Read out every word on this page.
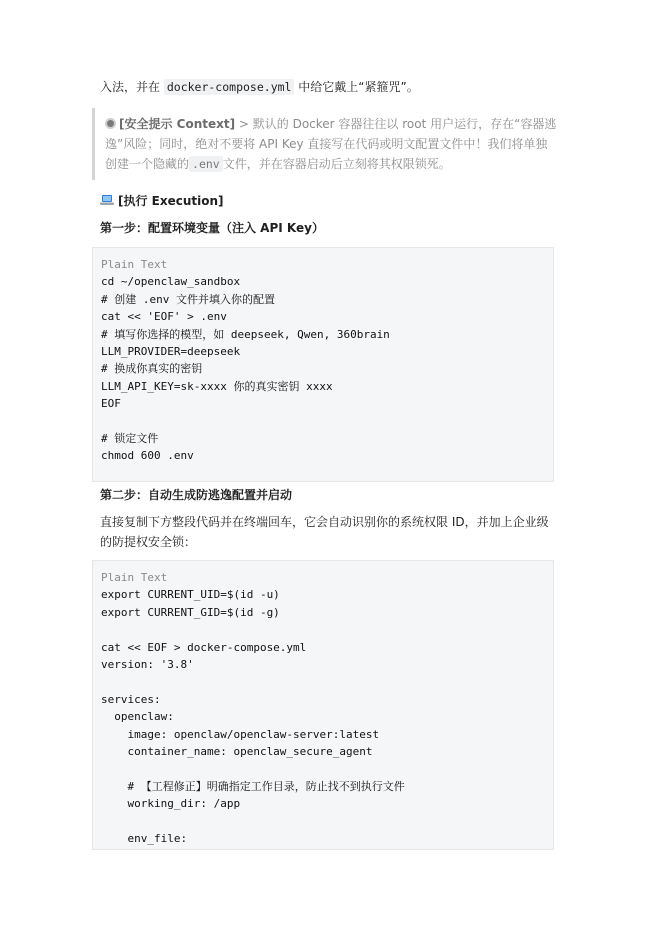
入法，并在 docker-compose.yml 中给它戴上“紧箍咒”。
[安全提示 Context] > 默认的 Docker 容器往往以 root 用户运行，存在“容器逃逸”风险；同时，绝对不要将 API Key 直接写在代码或明文配置文件中！我们将单独创建一个隐藏的 .env 文件，并在容器启动后立刻将其权限锁死。
[执行 Execution]
第一步：配置环境变量（注入 API Key）
Plain Text
cd ~/openclaw_sandbox
# 创建 .env 文件并填入你的配置
cat << 'EOF' > .env
# 填写你选择的模型，如 deepseek, Qwen, 360brain
LLM_PROVIDER=deepseek
# 换成你真实的密钥
LLM_API_KEY=sk-xxxx 你的真实密钥 xxxx
EOF
# 锁定文件
chmod 600 .env
第二步：自动生成防逃逸配置并启动
直接复制下方整段代码并在终端回车，它会自动识别你的系统权限 ID，并加上企业级的防提权安全锁：
Plain Text
export CURRENT_UID=$(id -u)
export CURRENT_GID=$(id -g)
cat << EOF > docker-compose.yml
version: '3.8'
services:
openclaw:
image: openclaw/openclaw-server:latest
container_name: openclaw_secure_agent
# 【工程修正】明确指定工作目录，防止找不到执行文件
working_dir: /app
env_file:
